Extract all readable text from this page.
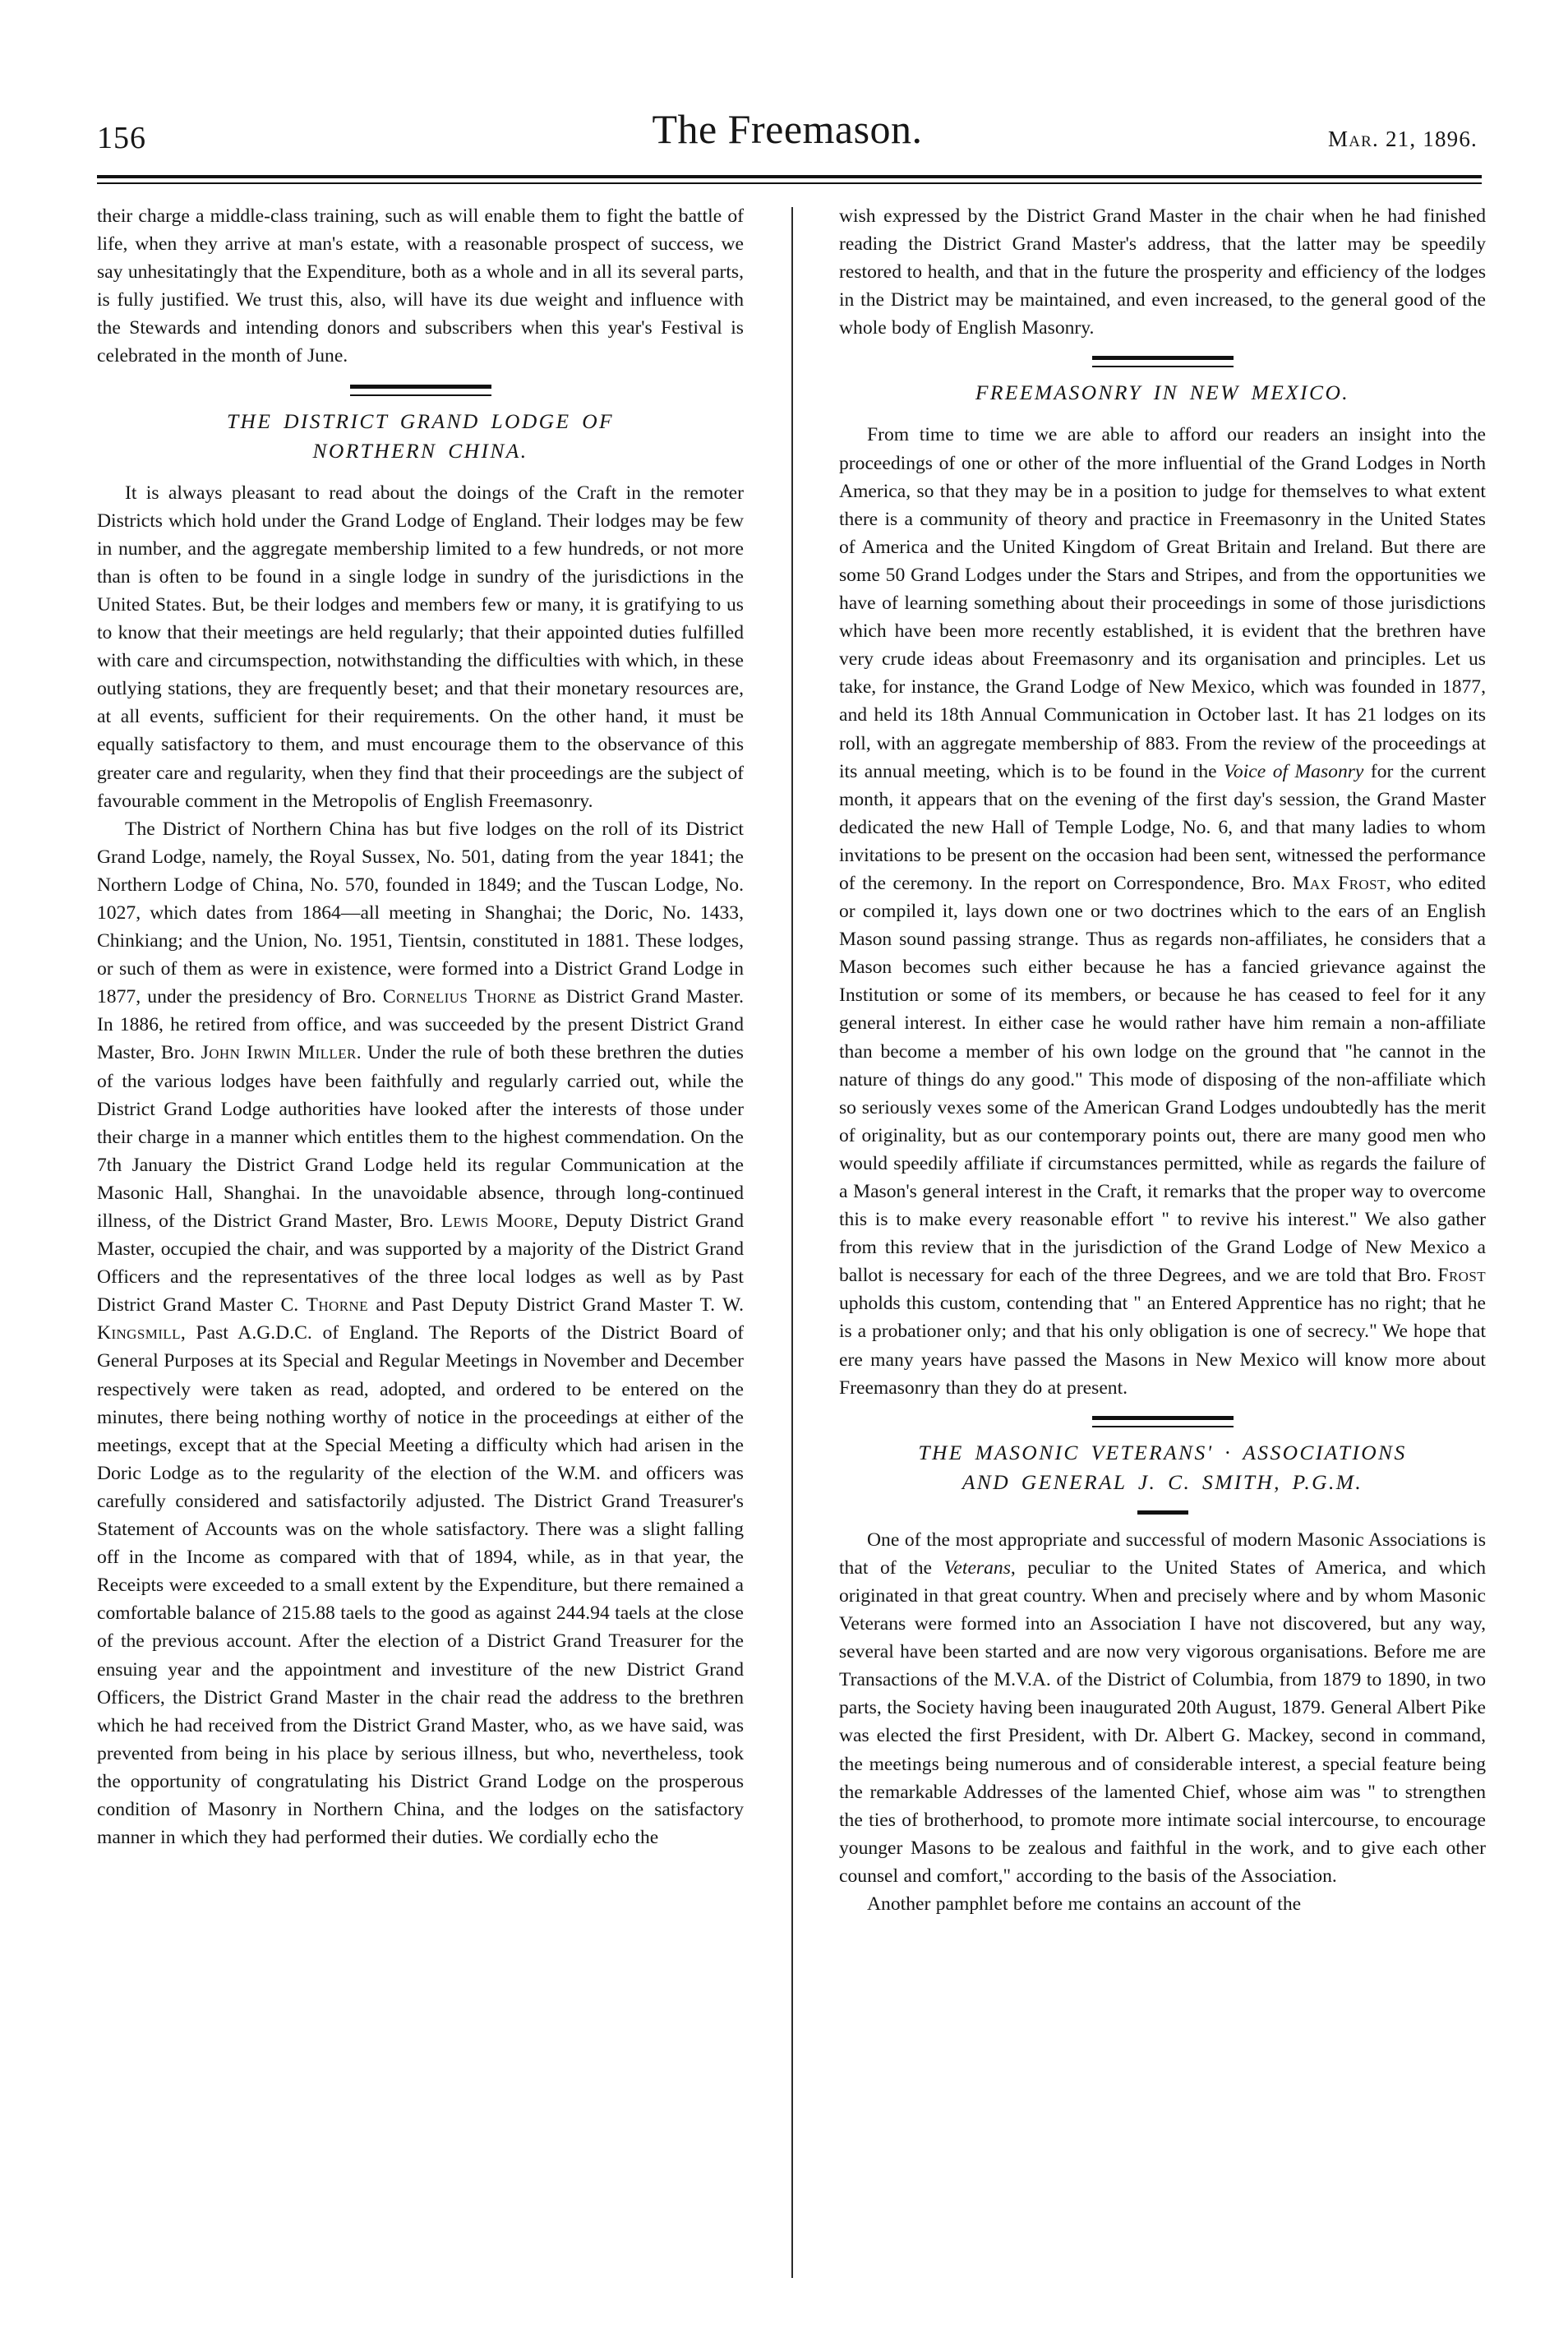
156	The Freemason.	Mar. 21, 1896.

their charge a middle-class training, such as will enable them to fight the battle of life, when they arrive at man's estate, with a reasonable prospect of success, we say unhesitatingly that the Expenditure, both as a whole and in all its several parts, is fully justified. We trust this, also, will have its due weight and influence with the Stewards and intending donors and subscribers when this year's Festival is celebrated in the month of June.

THE DISTRICT GRAND LODGE OF
NORTHERN CHINA.

It is always pleasant to read about the doings of the Craft in the remoter Districts which hold under the Grand Lodge of England. Their lodges may be few in number, and the aggregate membership limited to a few hundreds, or not more than is often to be found in a single lodge in sundry of the jurisdictions in the United States. But, be their lodges and members few or many, it is gratifying to us to know that their meetings are held regularly; that their appointed duties fulfilled with care and circumspection, notwithstanding the difficulties with which, in these outlying stations, they are frequently beset; and that their monetary resources are, at all events, sufficient for their requirements. On the other hand, it must be equally satisfactory to them, and must encourage them to the observance of this greater care and regularity, when they find that their proceedings are the subject of favourable comment in the Metropolis of English Freemasonry.

The District of Northern China has but five lodges on the roll of its District Grand Lodge, namely, the Royal Sussex, No. 501, dating from the year 1841; the Northern Lodge of China, No. 570, founded in 1849; and the Tuscan Lodge, No. 1027, which dates from 1864—all meeting in Shanghai; the Doric, No. 1433, Chinkiang; and the Union, No. 1951, Tientsin, constituted in 1881. These lodges, or such of them as were in existence, were formed into a District Grand Lodge in 1877, under the presidency of Bro. Cornelius Thorne as District Grand Master. In 1886, he retired from office, and was succeeded by the present District Grand Master, Bro. John Irwin Miller. Under the rule of both these brethren the duties of the various lodges have been faithfully and regularly carried out, while the District Grand Lodge authorities have looked after the interests of those under their charge in a manner which entitles them to the highest commendation. On the 7th January the District Grand Lodge held its regular Communication at the Masonic Hall, Shanghai. In the unavoidable absence, through long-continued illness, of the District Grand Master, Bro. Lewis Moore, Deputy District Grand Master, occupied the chair, and was supported by a majority of the District Grand Officers and the representatives of the three local lodges as well as by Past District Grand Master C. Thorne and Past Deputy District Grand Master T. W. Kingsmill, Past A.G.D.C. of England. The Reports of the District Board of General Purposes at its Special and Regular Meetings in November and December respectively were taken as read, adopted, and ordered to be entered on the minutes, there being nothing worthy of notice in the proceedings at either of the meetings, except that at the Special Meeting a difficulty which had arisen in the Doric Lodge as to the regularity of the election of the W.M. and officers was carefully considered and satisfactorily adjusted. The District Grand Treasurer's Statement of Accounts was on the whole satisfactory. There was a slight falling off in the Income as compared with that of 1894, while, as in that year, the Receipts were exceeded to a small extent by the Expenditure, but there remained a comfortable balance of 215.88 taels to the good as against 244.94 taels at the close of the previous account. After the election of a District Grand Treasurer for the ensuing year and the appointment and investiture of the new District Grand Officers, the District Grand Master in the chair read the address to the brethren which he had received from the District Grand Master, who, as we have said, was prevented from being in his place by serious illness, but who, nevertheless, took the opportunity of congratulating his District Grand Lodge on the prosperous condition of Masonry in Northern China, and the lodges on the satisfactory manner in which they had performed their duties. We cordially echo the

wish expressed by the District Grand Master in the chair when he had finished reading the District Grand Master's address, that the latter may be speedily restored to health, and that in the future the prosperity and efficiency of the lodges in the District may be maintained, and even increased, to the general good of the whole body of English Masonry.

FREEMASONRY IN NEW MEXICO.

From time to time we are able to afford our readers an insight into the proceedings of one or other of the more influential of the Grand Lodges in North America, so that they may be in a position to judge for themselves to what extent there is a community of theory and practice in Freemasonry in the United States of America and the United Kingdom of Great Britain and Ireland. But there are some 50 Grand Lodges under the Stars and Stripes, and from the opportunities we have of learning something about their proceedings in some of those jurisdictions which have been more recently established, it is evident that the brethren have very crude ideas about Freemasonry and its organisation and principles. Let us take, for instance, the Grand Lodge of New Mexico, which was founded in 1877, and held its 18th Annual Communication in October last. It has 21 lodges on its roll, with an aggregate membership of 883. From the review of the proceedings at its annual meeting, which is to be found in the Voice of Masonry for the current month, it appears that on the evening of the first day's session, the Grand Master dedicated the new Hall of Temple Lodge, No. 6, and that many ladies to whom invitations to be present on the occasion had been sent, witnessed the performance of the ceremony. In the report on Correspondence, Bro. Max Frost, who edited or compiled it, lays down one or two doctrines which to the ears of an English Mason sound passing strange. Thus as regards non-affiliates, he considers that a Mason becomes such either because he has a fancied grievance against the Institution or some of its members, or because he has ceased to feel for it any general interest. In either case he would rather have him remain a non-affiliate than become a member of his own lodge on the ground that "he cannot in the nature of things do any good." This mode of disposing of the non-affiliate which so seriously vexes some of the American Grand Lodges undoubtedly has the merit of originality, but as our contemporary points out, there are many good men who would speedily affiliate if circumstances permitted, while as regards the failure of a Mason's general interest in the Craft, it remarks that the proper way to overcome this is to make every reasonable effort " to revive his interest." We also gather from this review that in the jurisdiction of the Grand Lodge of New Mexico a ballot is necessary for each of the three Degrees, and we are told that Bro. Frost upholds this custom, contending that " an Entered Apprentice has no right; that he is a probationer only; and that his only obligation is one of secrecy." We hope that ere many years have passed the Masons in New Mexico will know more about Freemasonry than they do at present.

THE MASONIC VETERANS' · ASSOCIATIONS
AND GENERAL J. C. SMITH, P.G.M.

One of the most appropriate and successful of modern Masonic Associations is that of the Veterans, peculiar to the United States of America, and which originated in that great country. When and precisely where and by whom Masonic Veterans were formed into an Association I have not discovered, but any way, several have been started and are now very vigorous organisations. Before me are Transactions of the M.V.A. of the District of Columbia, from 1879 to 1890, in two parts, the Society having been inaugurated 20th August, 1879. General Albert Pike was elected the first President, with Dr. Albert G. Mackey, second in command, the meetings being numerous and of considerable interest, a special feature being the remarkable Addresses of the lamented Chief, whose aim was " to strengthen the ties of brotherhood, to promote more intimate social intercourse, to encourage younger Masons to be zealous and faithful in the work, and to give each other counsel and comfort," according to the basis of the Association.

Another pamphlet before me contains an account of the
